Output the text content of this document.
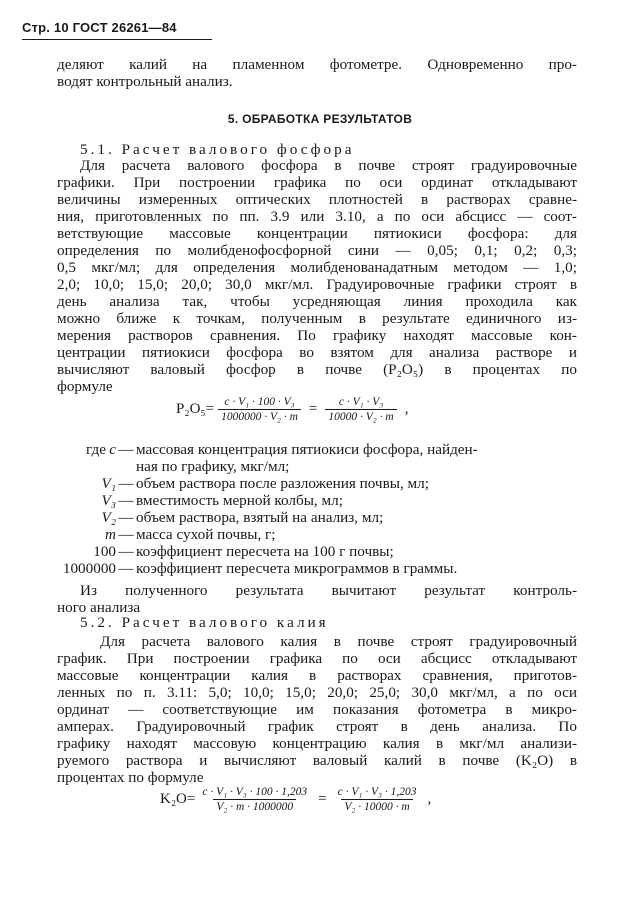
Стр. 10 ГОСТ 26261—84
деляют калий на пламенном фотометре. Одновременно про-
водят контрольный анализ.
5. ОБРАБОТКА РЕЗУЛЬТАТОВ
5.1. Расчет валового фосфора
Для расчета валового фосфора в почве строят градуировочные
графики. При построении графика по оси ординат откладывают
величины измеренных оптических плотностей в растворах сравне-
ния, приготовленных по пп. 3.9 или 3.10, а по оси абсцисс — соот-
ветствующие массовые концентрации пятиокиси фосфора: для
определения по молибденофосфорной сини — 0,05; 0,1; 0,2; 0,3;
0,5 мкг/мл; для определения молибденованадатным методом — 1,0;
2,0; 10,0; 15,0; 20,0; 30,0 мкг/мл. Градуировочные графики строят в
день анализа так, чтобы усредняющая линия проходила как
можно ближе к точкам, полученным в результате единичного из-
мерения растворов сравнения. По графику находят массовые кон-
центрации пятиокиси фосфора во взятом для анализа растворе и
вычисляют валовый фосфор в почве (P₂O₅) в процентах по
формуле
$P_2O_5= \frac{\text{c · V₁ · 100 · V₃}}{\text{1000000 · V₂ · m}} = \frac{\text{c · V₁ · V₃}}{\text{10000 · V₂ · m}}$ ,
где c — массовая концентрация пятиокиси фосфора, найден-
ная по графику, мкг/мл;
V₁ — объем раствора после разложения почвы, мл;
V₃ — вместимость мерной колбы, мл;
V₂ — объем раствора, взятый на анализ, мл;
m — масса сухой почвы, г;
100 — коэффициент пересчета на 100 г почвы;
1000000 — коэффициент пересчета микрограммов в граммы.
Из полученного результата вычитают результат контроль-
ного анализа
5.2. Расчет валового калия
Для расчета валового калия в почве строят градуировочный
график. При построении графика по оси абсцисс откладывают
массовые концентрации калия в растворах сравнения, приготов-
ленных по п. 3.11: 5,0; 10,0; 15,0; 20,0; 25,0; 30,0 мкг/мл, а по оси
ординат — соответствующие им показания фотометра в микро-
амперах. Градуировочный график строят в день анализа. По
графику находят массовую концентрацию калия в мкг/мл анализи-
руемого раствора и вычисляют валовый калий в почве (K₂O) в
процентах по формуле
$K_2O= \frac{\text{c · V₁ · V₃ · 100 · 1,203}}{\text{V₂ · m · 1000000}} = \frac{\text{c · V₁ · V₃ · 1,203}}{\text{V₂ · 10000 · m}}$ ,
